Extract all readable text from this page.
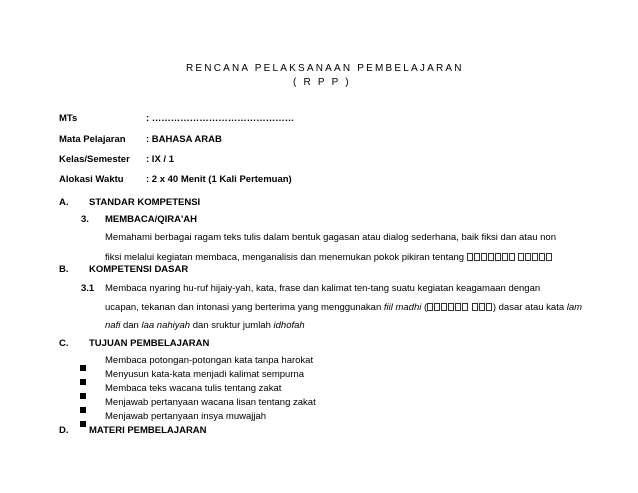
RENCANA PELAKSANAAN PEMBELAJARAN
( R P P )
MTs	: ………………………………………
Mata Pelajaran : BAHASA ARAB
Kelas/Semester : IX / 1
Alokasi Waktu : 2 x 40 Menit (1 Kali Pertemuan)
A. STANDAR KOMPETENSI
3. MEMBACA/QIRA'AH
Memahami berbagai ragam teks tulis dalam bentuk gagasan atau dialog sederhana, baik fiksi dan atau non
fiksi melalui kegiatan membaca, menganalisis dan menemukan pokok pikiran tentang
B. KOMPETENSI DASAR
3.1 Membaca nyaring hu-ruf hijaiy-yah, kata, frase dan kalimat ten-tang suatu kegiatan keagamaan dengan
ucapan, tekanan dan intonasi yang berterima yang menggunakan fiil madhi (	) dasar atau kata lam
nafi dan laa nahiyah dan sruktur jumlah idhofah
C. TUJUAN PEMBELAJARAN
Membaca potongan-potongan kata tanpa harokat
Menyusun kata-kata menjadi kalimat sempurna
Membaca teks wacana tulis tentang zakat
Menjawab pertanyaan wacana lisan tentang zakat
Menjawab pertanyaan insya muwajjah
D. MATERI PEMBELAJARAN
